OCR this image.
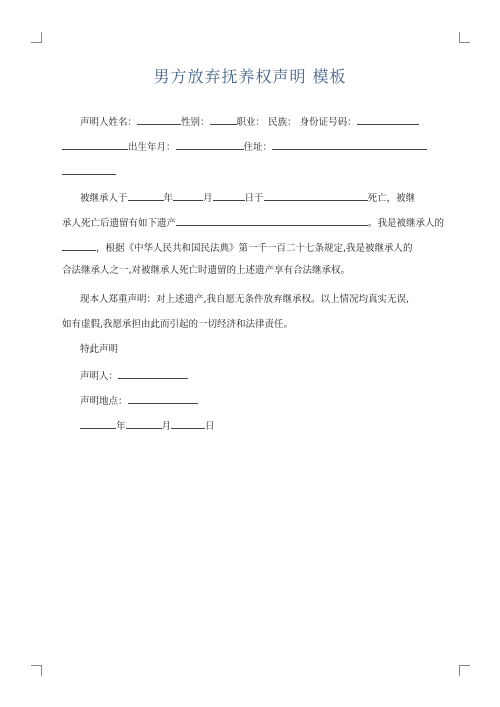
男方放弃抚养权声明 模板
声明人姓名：	性别：	职业： 民族： 身份证号码：
出生年月：	住址：
被继承人于	年	月	日于	死亡，被继
承人死亡后遗留有如下遗产	。我是被继承人的
，根据《中华人民共和国民法典》第一千一百二十七条规定,我是被继承人的
合法继承人之一,对被继承人死亡时遗留的上述遗产享有合法继承权。
现本人郑重声明：对上述遗产,我自愿无条件放弃继承权。以上情况均真实无误,
如有虚假,我愿承担由此而引起的一切经济和法律责任。
特此声明
声明人：
声明地点：
年	月	日
